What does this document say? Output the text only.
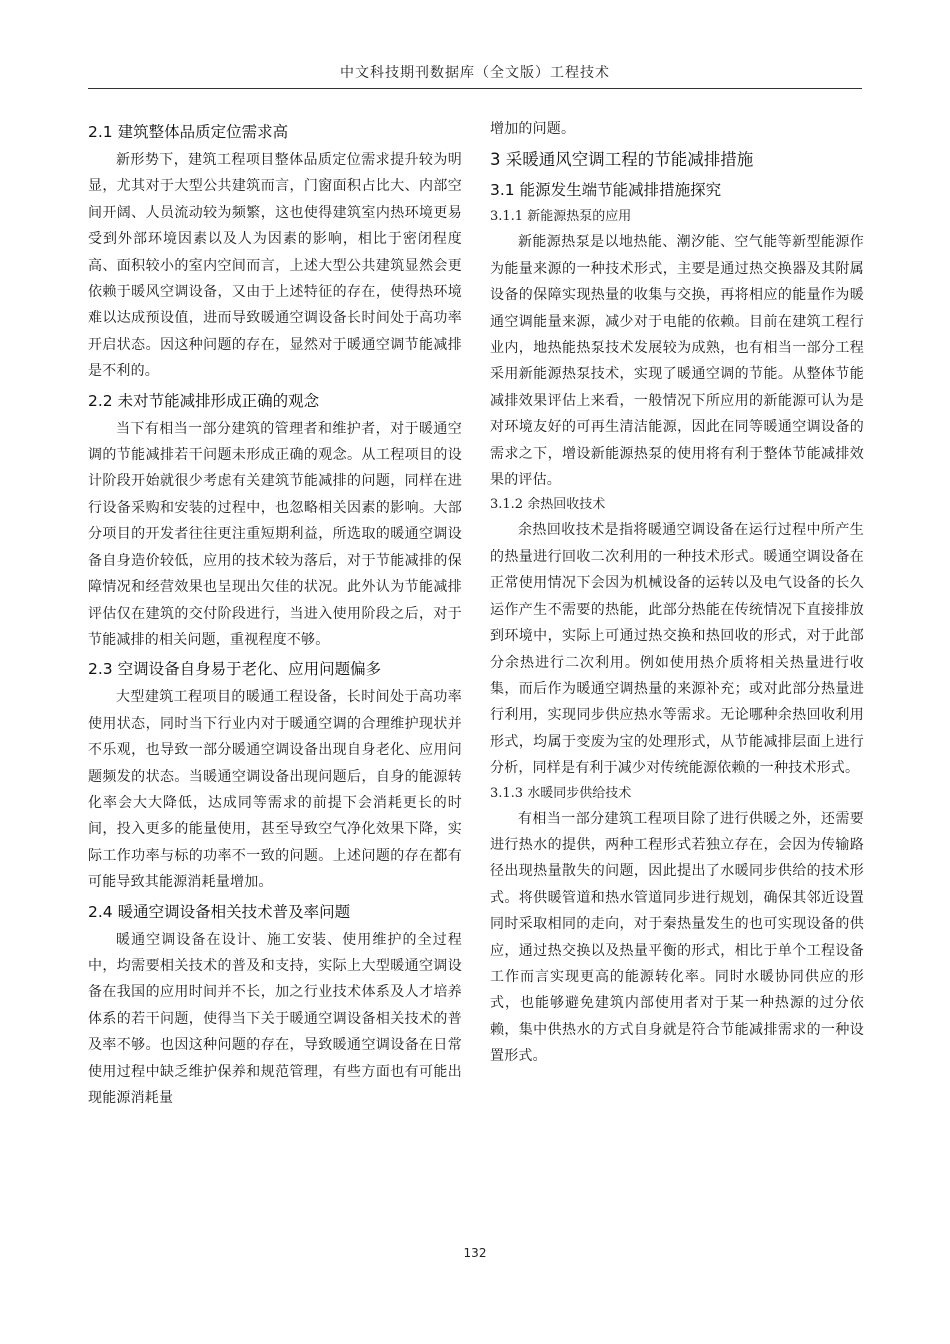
中文科技期刊数据库（全文版）工程技术
2.1 建筑整体品质定位需求高

新形势下，建筑工程项目整体品质定位需求提升较为明显，尤其对于大型公共建筑而言，门窗面积占比大、内部空间开阔、人员流动较为频繁，这也使得建筑室内热环境更易受到外部环境因素以及人为因素的影响，相比于密闭程度高、面积较小的室内空间而言，上述大型公共建筑显然会更依赖于暖风空调设备，又由于上述特征的存在，使得热环境难以达成预设值，进而导致暖通空调设备长时间处于高功率开启状态。因这种问题的存在，显然对于暖通空调节能减排是不利的。

2.2 未对节能减排形成正确的观念

当下有相当一部分建筑的管理者和维护者，对于暖通空调的节能减排若干问题未形成正确的观念。从工程项目的设计阶段开始就很少考虑有关建筑节能减排的问题，同样在进行设备采购和安装的过程中，也忽略相关因素的影响。大部分项目的开发者往往更注重短期利益，所选取的暖通空调设备自身造价较低，应用的技术较为落后，对于节能减排的保障情况和经营效果也呈现出欠佳的状况。此外认为节能减排评估仅在建筑的交付阶段进行，当进入使用阶段之后，对于节能减排的相关问题，重视程度不够。

2.3 空调设备自身易于老化、应用问题偏多

大型建筑工程项目的暖通工程设备，长时间处于高功率使用状态，同时当下行业内对于暖通空调的合理维护现状并不乐观，也导致一部分暖通空调设备出现自身老化、应用问题频发的状态。当暖通空调设备出现问题后，自身的能源转化率会大大降低，达成同等需求的前提下会消耗更长的时间，投入更多的能量使用，甚至导致空气净化效果下降，实际工作功率与标的功率不一致的问题。上述问题的存在都有可能导致其能源消耗量增加。

2.4 暖通空调设备相关技术普及率问题

暖通空调设备在设计、施工安装、使用维护的全过程中，均需要相关技术的普及和支持，实际上大型暖通空调设备在我国的应用时间并不长，加之行业技术体系及人才培养体系的若干问题，使得当下关于暖通空调设备相关技术的普及率不够。也因这种问题的存在，导致暖通空调设备在日常使用过程中缺乏维护保养和规范管理，有些方面也有可能出现能源消耗量

增加的问题。

3 采暖通风空调工程的节能减排措施
3.1 能源发生端节能减排措施探究
3.1.1 新能源热泵的应用

新能源热泵是以地热能、潮汐能、空气能等新型能源作为能量来源的一种技术形式，主要是通过热交换器及其附属设备的保障实现热量的收集与交换，再将相应的能量作为暖通空调能量来源，减少对于电能的依赖。目前在建筑工程行业内，地热能热泵技术发展较为成熟，也有相当一部分工程采用新能源热泵技术，实现了暖通空调的节能。从整体节能减排效果评估上来看，一般情况下所应用的新能源可认为是对环境友好的可再生清洁能源，因此在同等暖通空调设备的需求之下，增设新能源热泵的使用将有利于整体节能减排效果的评估。

3.1.2 余热回收技术

余热回收技术是指将暖通空调设备在运行过程中所产生的热量进行回收二次利用的一种技术形式。暖通空调设备在正常使用情况下会因为机械设备的运转以及电气设备的长久运作产生不需要的热能，此部分热能在传统情况下直接排放到环境中，实际上可通过热交换和热回收的形式，对于此部分余热进行二次利用。例如使用热介质将相关热量进行收集，而后作为暖通空调热量的来源补充；或对此部分热量进行利用，实现同步供应热水等需求。无论哪种余热回收利用形式，均属于变废为宝的处理形式，从节能减排层面上进行分析，同样是有利于减少对传统能源依赖的一种技术形式。

3.1.3 水暖同步供给技术

有相当一部分建筑工程项目除了进行供暖之外，还需要进行热水的提供，两种工程形式若独立存在，会因为传输路径出现热量散失的问题，因此提出了水暖同步供给的技术形式。将供暖管道和热水管道同步进行规划，确保其邻近设置同时采取相同的走向，对于秦热量发生的也可实现设备的供应，通过热交换以及热量平衡的形式，相比于单个工程设备工作而言实现更高的能源转化率。同时水暖协同供应的形式，也能够避免建筑内部使用者对于某一种热源的过分依赖，集中供热水的方式自身就是符合节能减排需求的一种设置形式。

132
